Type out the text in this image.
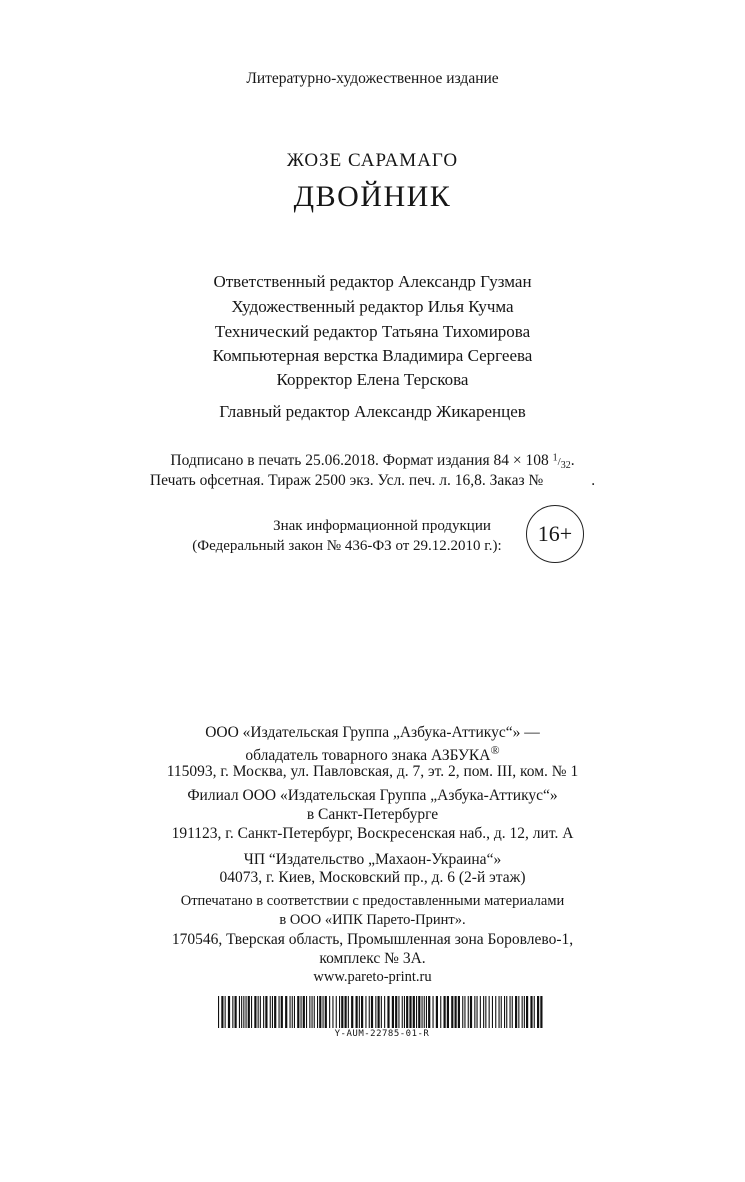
Литературно-художественное издание
ЖОЗЕ САРАМАГО
ДВОЙНИК
Ответственный редактор Александр Гузман
Художественный редактор Илья Кучма
Технический редактор Татьяна Тихомирова
Компьютерная верстка Владимира Сергеева
Корректор Елена Терскова
Главный редактор Александр Жикаренцев
Подписано в печать 25.06.2018. Формат издания 84 × 108 $^1/_{32}$.
Печать офсетная. Тираж 2500 экз. Усл. печ. л. 16,8. Заказ №	.
Знак информационной продукции
(Федеральный закон № 436-ФЗ от 29.12.2010 г.):	16+
ООО «Издательская Группа „Азбука-Аттикус“» —
обладатель товарного знака АЗБУКА®
115093, г. Москва, ул. Павловская, д. 7, эт. 2, пом. III, ком. № 1
Филиал ООО «Издательская Группа „Азбука-Аттикус“»
в Санкт-Петербурге
191123, г. Санкт-Петербург, Воскресенская наб., д. 12, лит. А
ЧП “Издательство „Махаон-Украина“»
04073, г. Киев, Московский пр., д. 6 (2-й этаж)
Отпечатано в соответствии с предоставленными материалами
в ООО «ИПК Парето-Принт».
170546, Тверская область, Промышленная зона Боровлево-1,
комплекс № 3А.
www.pareto-print.ru
Y-AUM-22785-01-R
